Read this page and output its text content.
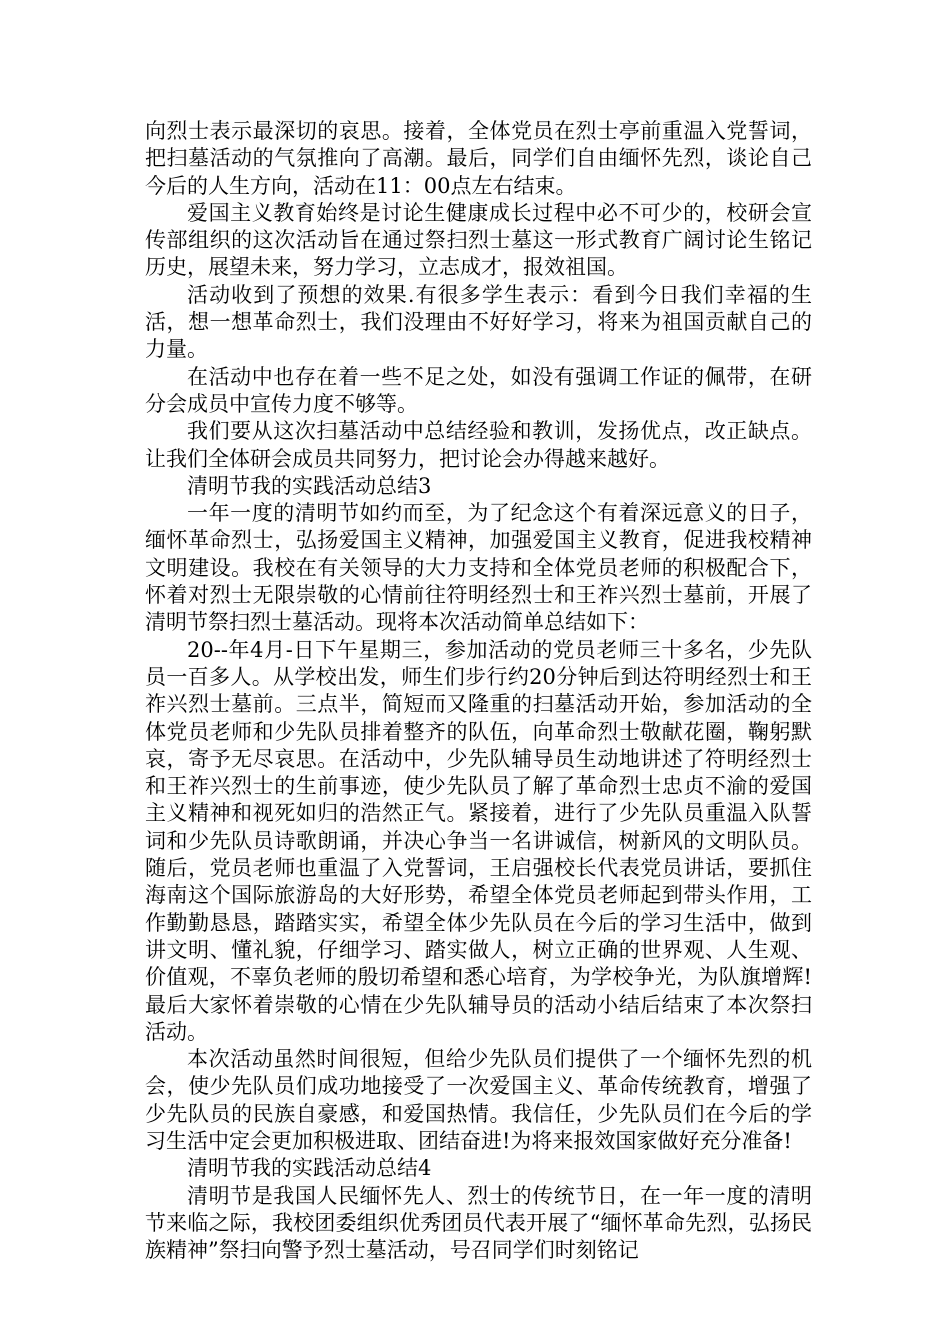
向烈士表示最深切的哀思。接着，全体党员在烈士亭前重温入党誓词，把扫墓活动的气氛推向了高潮。最后，同学们自由缅怀先烈，谈论自己今后的人生方向，活动在11：00点左右结束。

爱国主义教育始终是讨论生健康成长过程中必不可少的，校研会宣传部组织的这次活动旨在通过祭扫烈士墓这一形式教育广阔讨论生铭记历史，展望未来，努力学习，立志成才，报效祖国。

活动收到了预想的效果.有很多学生表示：看到今日我们幸福的生活，想一想革命烈士，我们没理由不好好学习，将来为祖国贡献自己的力量。

在活动中也存在着一些不足之处，如没有强调工作证的佩带，在研分会成员中宣传力度不够等。

我们要从这次扫墓活动中总结经验和教训，发扬优点，改正缺点。让我们全体研会成员共同努力，把讨论会办得越来越好。

清明节我的实践活动总结3

一年一度的清明节如约而至，为了纪念这个有着深远意义的日子，缅怀革命烈士，弘扬爱国主义精神，加强爱国主义教育，促进我校精神文明建设。我校在有关领导的大力支持和全体党员老师的积极配合下，怀着对烈士无限崇敬的心情前往符明经烈士和王祚兴烈士墓前，开展了清明节祭扫烈士墓活动。现将本次活动简单总结如下：

20--年4月-日下午星期三，参加活动的党员老师三十多名，少先队员一百多人。从学校出发，师生们步行约20分钟后到达符明经烈士和王祚兴烈士墓前。三点半，简短而又隆重的扫墓活动开始，参加活动的全体党员老师和少先队员排着整齐的队伍，向革命烈士敬献花圈，鞠躬默哀，寄予无尽哀思。在活动中，少先队辅导员生动地讲述了符明经烈士和王祚兴烈士的生前事迹，使少先队员了解了革命烈士忠贞不渝的爱国主义精神和视死如归的浩然正气。紧接着，进行了少先队员重温入队誓词和少先队员诗歌朗诵，并决心争当一名讲诚信，树新风的文明队员。随后，党员老师也重温了入党誓词，王启强校长代表党员讲话，要抓住海南这个国际旅游岛的大好形势，希望全体党员老师起到带头作用，工作勤勤恳恳，踏踏实实，希望全体少先队员在今后的学习生活中，做到讲文明、懂礼貌，仔细学习、踏实做人，树立正确的世界观、人生观、价值观，不辜负老师的殷切希望和悉心培育，为学校争光，为队旗增辉!最后大家怀着崇敬的心情在少先队辅导员的活动小结后结束了本次祭扫活动。

本次活动虽然时间很短，但给少先队员们提供了一个缅怀先烈的机会，使少先队员们成功地接受了一次爱国主义、革命传统教育，增强了少先队员的民族自豪感，和爱国热情。我信任，少先队员们在今后的学习生活中定会更加积极进取、团结奋进!为将来报效国家做好充分准备!

清明节我的实践活动总结4

清明节是我国人民缅怀先人、烈士的传统节日，在一年一度的清明节来临之际，我校团委组织优秀团员代表开展了“缅怀革命先烈，弘扬民族精神”祭扫向警予烈士墓活动，号召同学们时刻铭记
